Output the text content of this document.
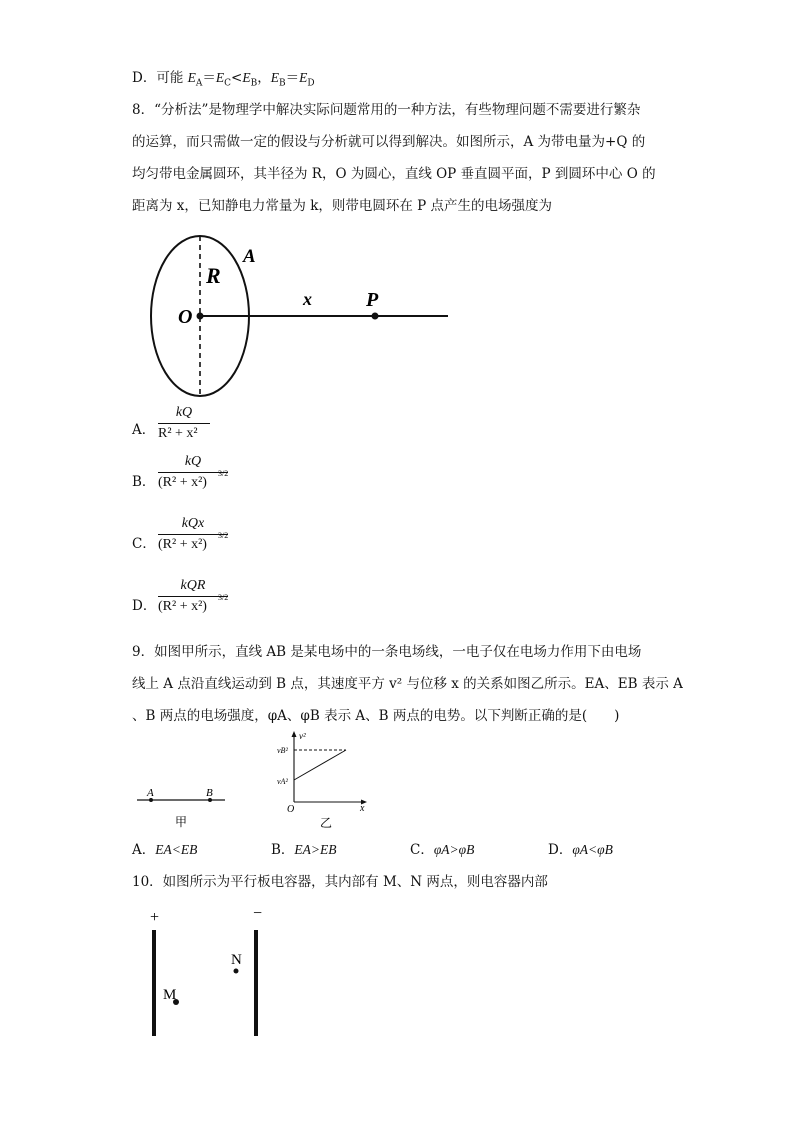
D．可能 $E_A=E_C<E_B$，$E_B=E_D$
8．“分析法”是物理学中解决实际问题常用的一种方法，有些物理问题不需要进行繁杂
的运算，而只需做一定的假设与分析就可以得到解决。如图所示，A 为带电量为+Q 的
均匀带电金属圆环，其半径为 R，O 为圆心，直线 OP 垂直圆平面，P 到圆环中心 O 的
距离为 x，已知静电力常量为 k，则带电圆环在 P 点产生的电场强度为
R
A
O
x	P
A．
kQ
R² + x²
B．
kQ
(R² + x²)
3/2
C．
kQx
(R² + x²)
3/2
D．
kQR
(R² + x²)
3/2
9．如图甲所示，直线 AB 是某电场中的一条电场线，一电子仅在电场力作用下由电场
线上 A 点沿直线运动到 B 点，其速度平方 v² 与位移 x 的关系如图乙所示。EA、EB 表示 A
、B 两点的电场强度，φA、φB 表示 A、B 两点的电势。以下判断正确的是(　　)
A	B
甲
v²
x
O
vB²
vA²
乙
A．EA<EB	B．EA>EB	C．φA>φB	D．φA<φB
10．如图所示为平行板电容器，其内部有 M、N 两点，则电容器内部
+	−
M
N
